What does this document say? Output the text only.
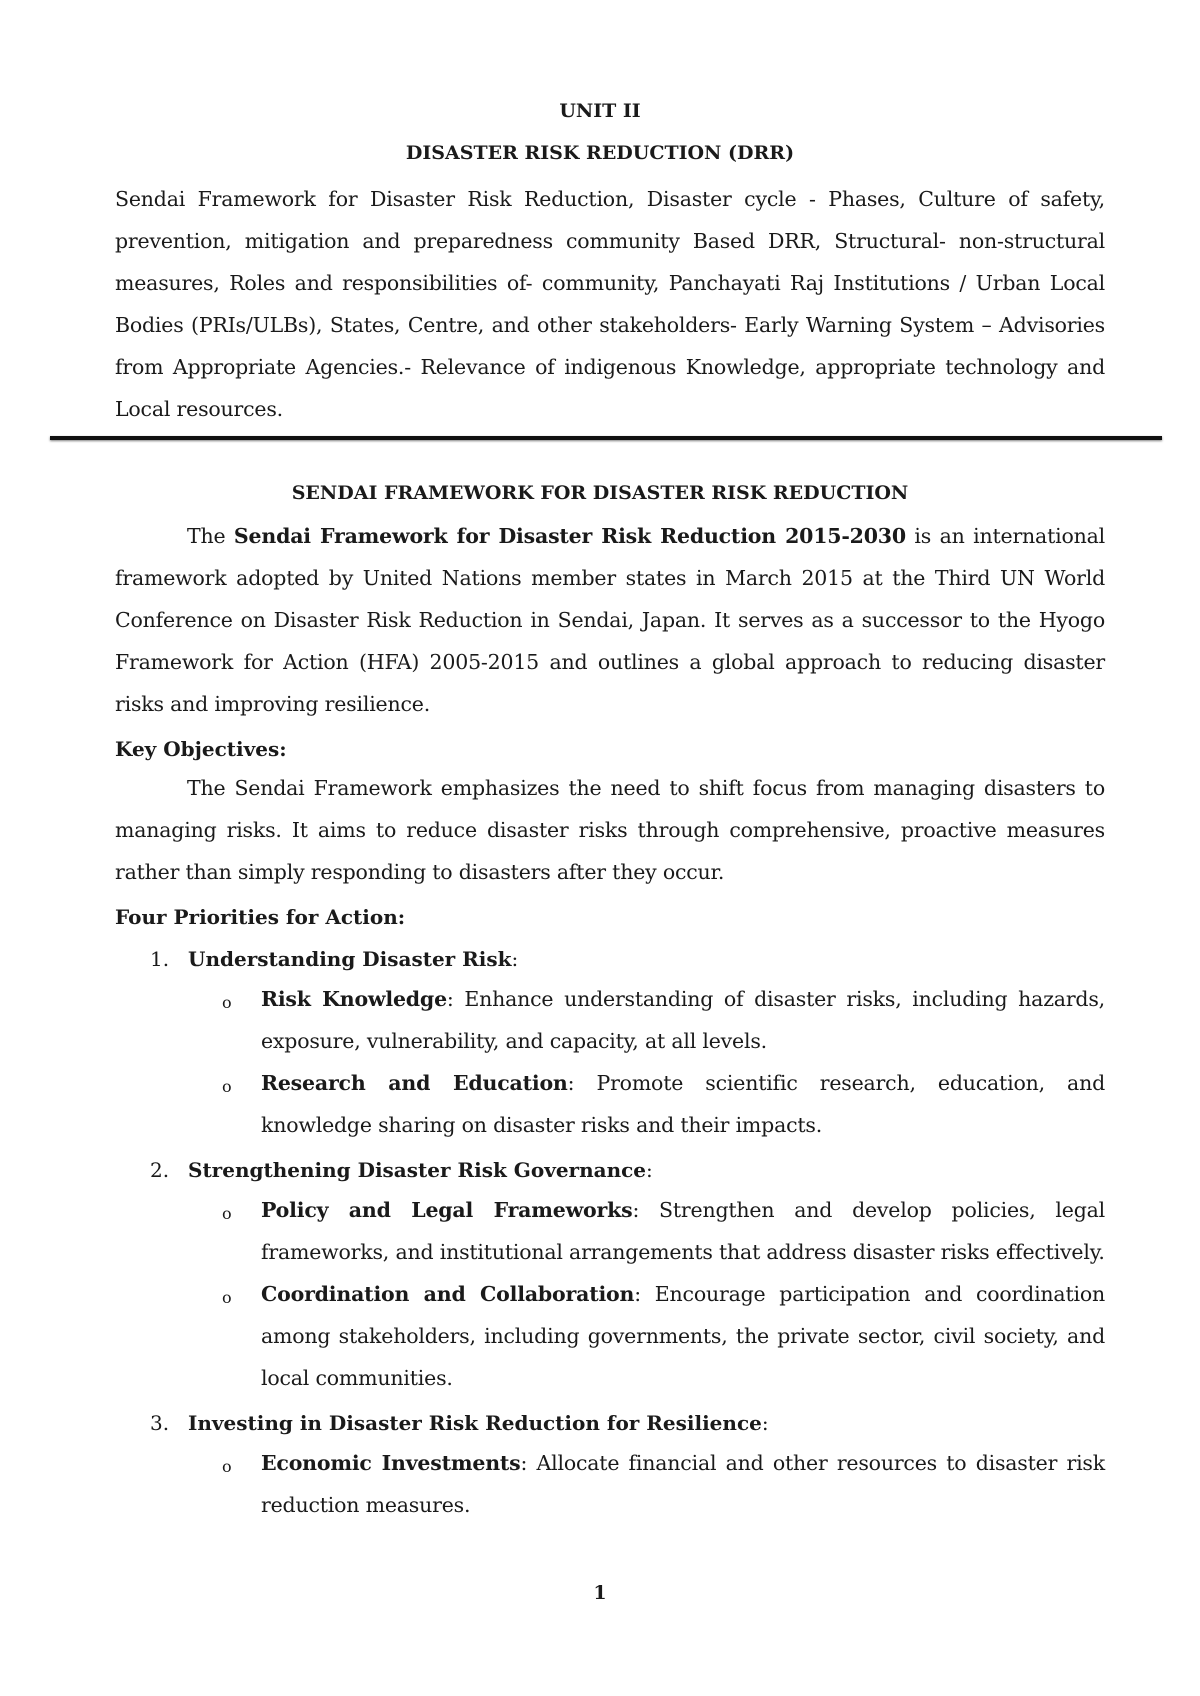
UNIT II
DISASTER RISK REDUCTION (DRR)
Sendai Framework for Disaster Risk Reduction, Disaster cycle - Phases, Culture of safety, prevention, mitigation and preparedness community Based DRR, Structural- non-structural measures, Roles and responsibilities of- community, Panchayati Raj Institutions / Urban Local Bodies (PRIs/ULBs), States, Centre, and other stakeholders- Early Warning System – Advisories from Appropriate Agencies.- Relevance of indigenous Knowledge, appropriate technology and Local resources.
SENDAI FRAMEWORK FOR DISASTER RISK REDUCTION
The Sendai Framework for Disaster Risk Reduction 2015-2030 is an international framework adopted by United Nations member states in March 2015 at the Third UN World Conference on Disaster Risk Reduction in Sendai, Japan. It serves as a successor to the Hyogo Framework for Action (HFA) 2005-2015 and outlines a global approach to reducing disaster risks and improving resilience.
Key Objectives:
The Sendai Framework emphasizes the need to shift focus from managing disasters to managing risks. It aims to reduce disaster risks through comprehensive, proactive measures rather than simply responding to disasters after they occur.
Four Priorities for Action:
1. Understanding Disaster Risk:
o Risk Knowledge: Enhance understanding of disaster risks, including hazards, exposure, vulnerability, and capacity, at all levels.
o Research and Education: Promote scientific research, education, and knowledge sharing on disaster risks and their impacts.
2. Strengthening Disaster Risk Governance:
o Policy and Legal Frameworks: Strengthen and develop policies, legal frameworks, and institutional arrangements that address disaster risks effectively.
o Coordination and Collaboration: Encourage participation and coordination among stakeholders, including governments, the private sector, civil society, and local communities.
3. Investing in Disaster Risk Reduction for Resilience:
o Economic Investments: Allocate financial and other resources to disaster risk reduction measures.
1
